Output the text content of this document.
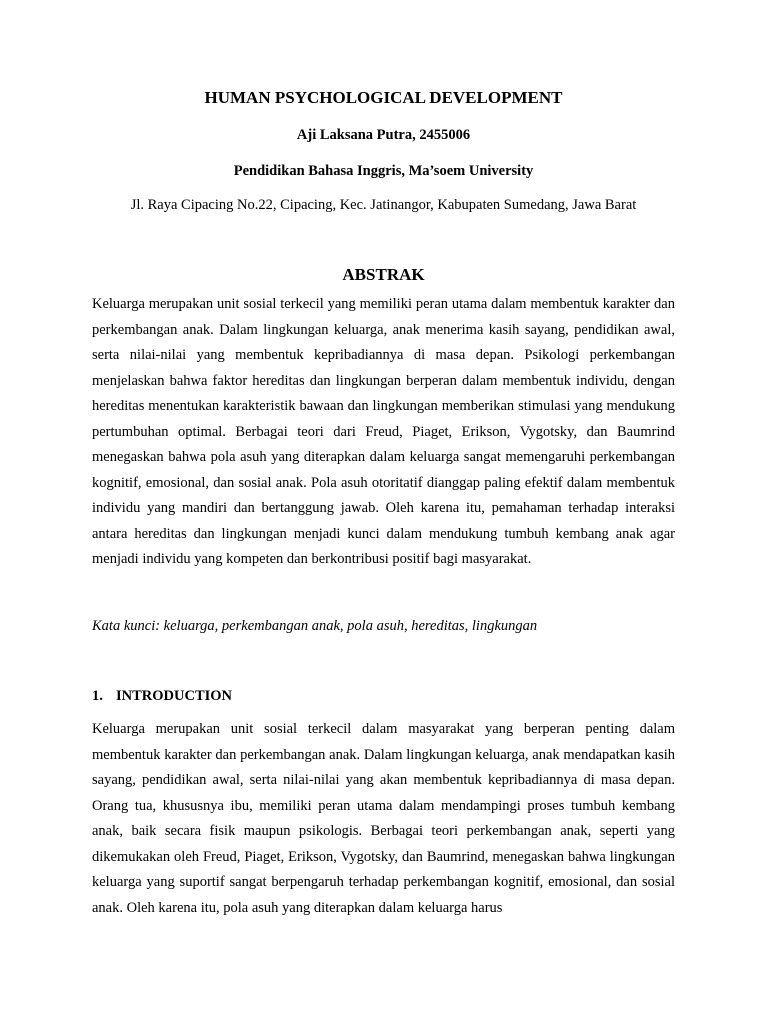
HUMAN PSYCHOLOGICAL DEVELOPMENT

Aji Laksana Putra, 2455006

Pendidikan Bahasa Inggris, Ma’soem University

Jl. Raya Cipacing No.22, Cipacing, Kec. Jatinangor, Kabupaten Sumedang, Jawa Barat

ABSTRAK

Keluarga merupakan unit sosial terkecil yang memiliki peran utama dalam membentuk karakter dan perkembangan anak. Dalam lingkungan keluarga, anak menerima kasih sayang, pendidikan awal, serta nilai-nilai yang membentuk kepribadiannya di masa depan. Psikologi perkembangan menjelaskan bahwa faktor hereditas dan lingkungan berperan dalam membentuk individu, dengan hereditas menentukan karakteristik bawaan dan lingkungan memberikan stimulasi yang mendukung pertumbuhan optimal. Berbagai teori dari Freud, Piaget, Erikson, Vygotsky, dan Baumrind menegaskan bahwa pola asuh yang diterapkan dalam keluarga sangat memengaruhi perkembangan kognitif, emosional, dan sosial anak. Pola asuh otoritatif dianggap paling efektif dalam membentuk individu yang mandiri dan bertanggung jawab. Oleh karena itu, pemahaman terhadap interaksi antara hereditas dan lingkungan menjadi kunci dalam mendukung tumbuh kembang anak agar menjadi individu yang kompeten dan berkontribusi positif bagi masyarakat.

Kata kunci: keluarga, perkembangan anak, pola asuh, hereditas, lingkungan

1. INTRODUCTION

Keluarga merupakan unit sosial terkecil dalam masyarakat yang berperan penting dalam membentuk karakter dan perkembangan anak. Dalam lingkungan keluarga, anak mendapatkan kasih sayang, pendidikan awal, serta nilai-nilai yang akan membentuk kepribadiannya di masa depan. Orang tua, khususnya ibu, memiliki peran utama dalam mendampingi proses tumbuh kembang anak, baik secara fisik maupun psikologis. Berbagai teori perkembangan anak, seperti yang dikemukakan oleh Freud, Piaget, Erikson, Vygotsky, dan Baumrind, menegaskan bahwa lingkungan keluarga yang suportif sangat berpengaruh terhadap perkembangan kognitif, emosional, dan sosial anak. Oleh karena itu, pola asuh yang diterapkan dalam keluarga harus
